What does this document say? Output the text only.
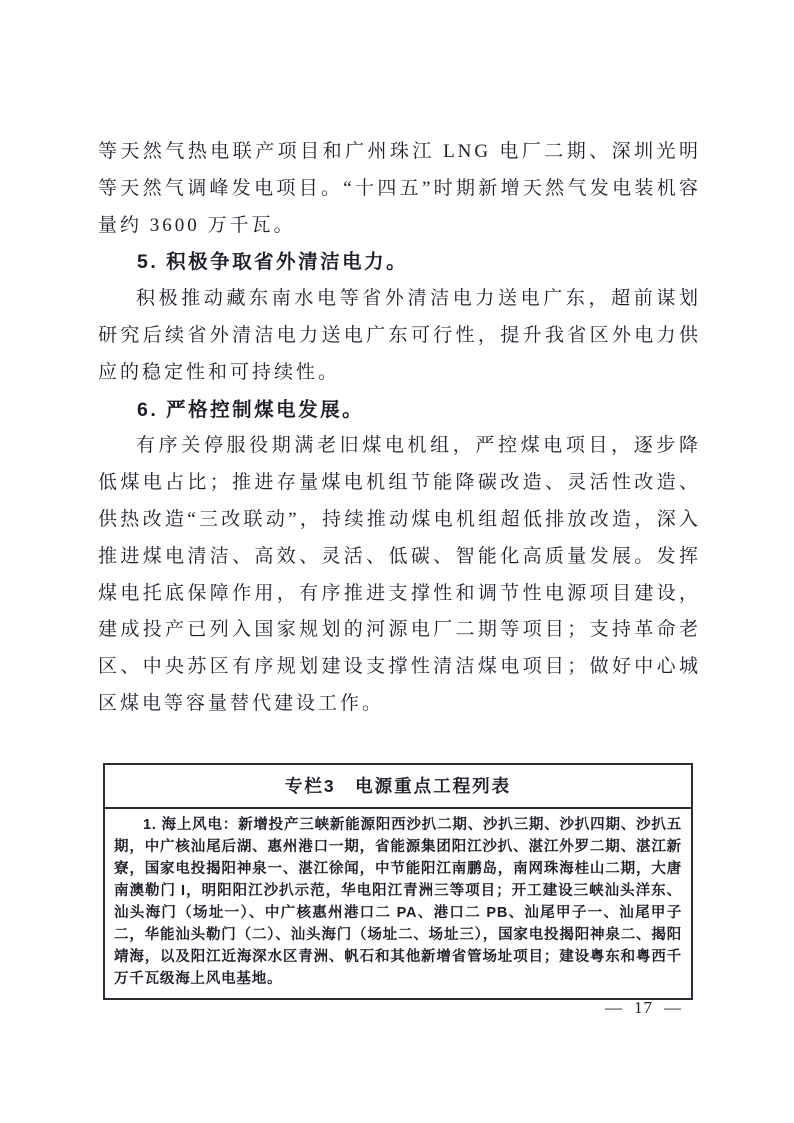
等天然气热电联产项目和广州珠江 LNG 电厂二期、深圳光明等天然气调峰发电项目。“十四五”时期新增天然气发电装机容量约 3600 万千瓦。

5. 积极争取省外清洁电力。

积极推动藏东南水电等省外清洁电力送电广东，超前谋划研究后续省外清洁电力送电广东可行性，提升我省区外电力供应的稳定性和可持续性。

6. 严格控制煤电发展。

有序关停服役期满老旧煤电机组，严控煤电项目，逐步降低煤电占比；推进存量煤电机组节能降碳改造、灵活性改造、供热改造“三改联动”，持续推动煤电机组超低排放改造，深入推进煤电清洁、高效、灵活、低碳、智能化高质量发展。发挥煤电托底保障作用，有序推进支撑性和调节性电源项目建设，建成投产已列入国家规划的河源电厂二期等项目；支持革命老区、中央苏区有序规划建设支撑性清洁煤电项目；做好中心城区煤电等容量替代建设工作。

专栏3　电源重点工程列表
1. 海上风电：新增投产三峡新能源阳西沙扒二期、沙扒三期、沙扒四期、沙扒五期，中广核汕尾后湖、惠州港口一期，省能源集团阳江沙扒、湛江外罗二期、湛江新寮，国家电投揭阳神泉一、湛江徐闻，中节能阳江南鹏岛，南网珠海桂山二期，大唐南澳勒门 I，明阳阳江沙扒示范，华电阳江青洲三等项目；开工建设三峡汕头洋东、汕头海门（场址一）、中广核惠州港口二 PA、港口二 PB、汕尾甲子一、汕尾甲子二，华能汕头勒门（二）、汕头海门（场址二、场址三），国家电投揭阳神泉二、揭阳靖海，以及阳江近海深水区青洲、帆石和其他新增省管场址项目；建设粤东和粤西千万千瓦级海上风电基地。
— 17 —
